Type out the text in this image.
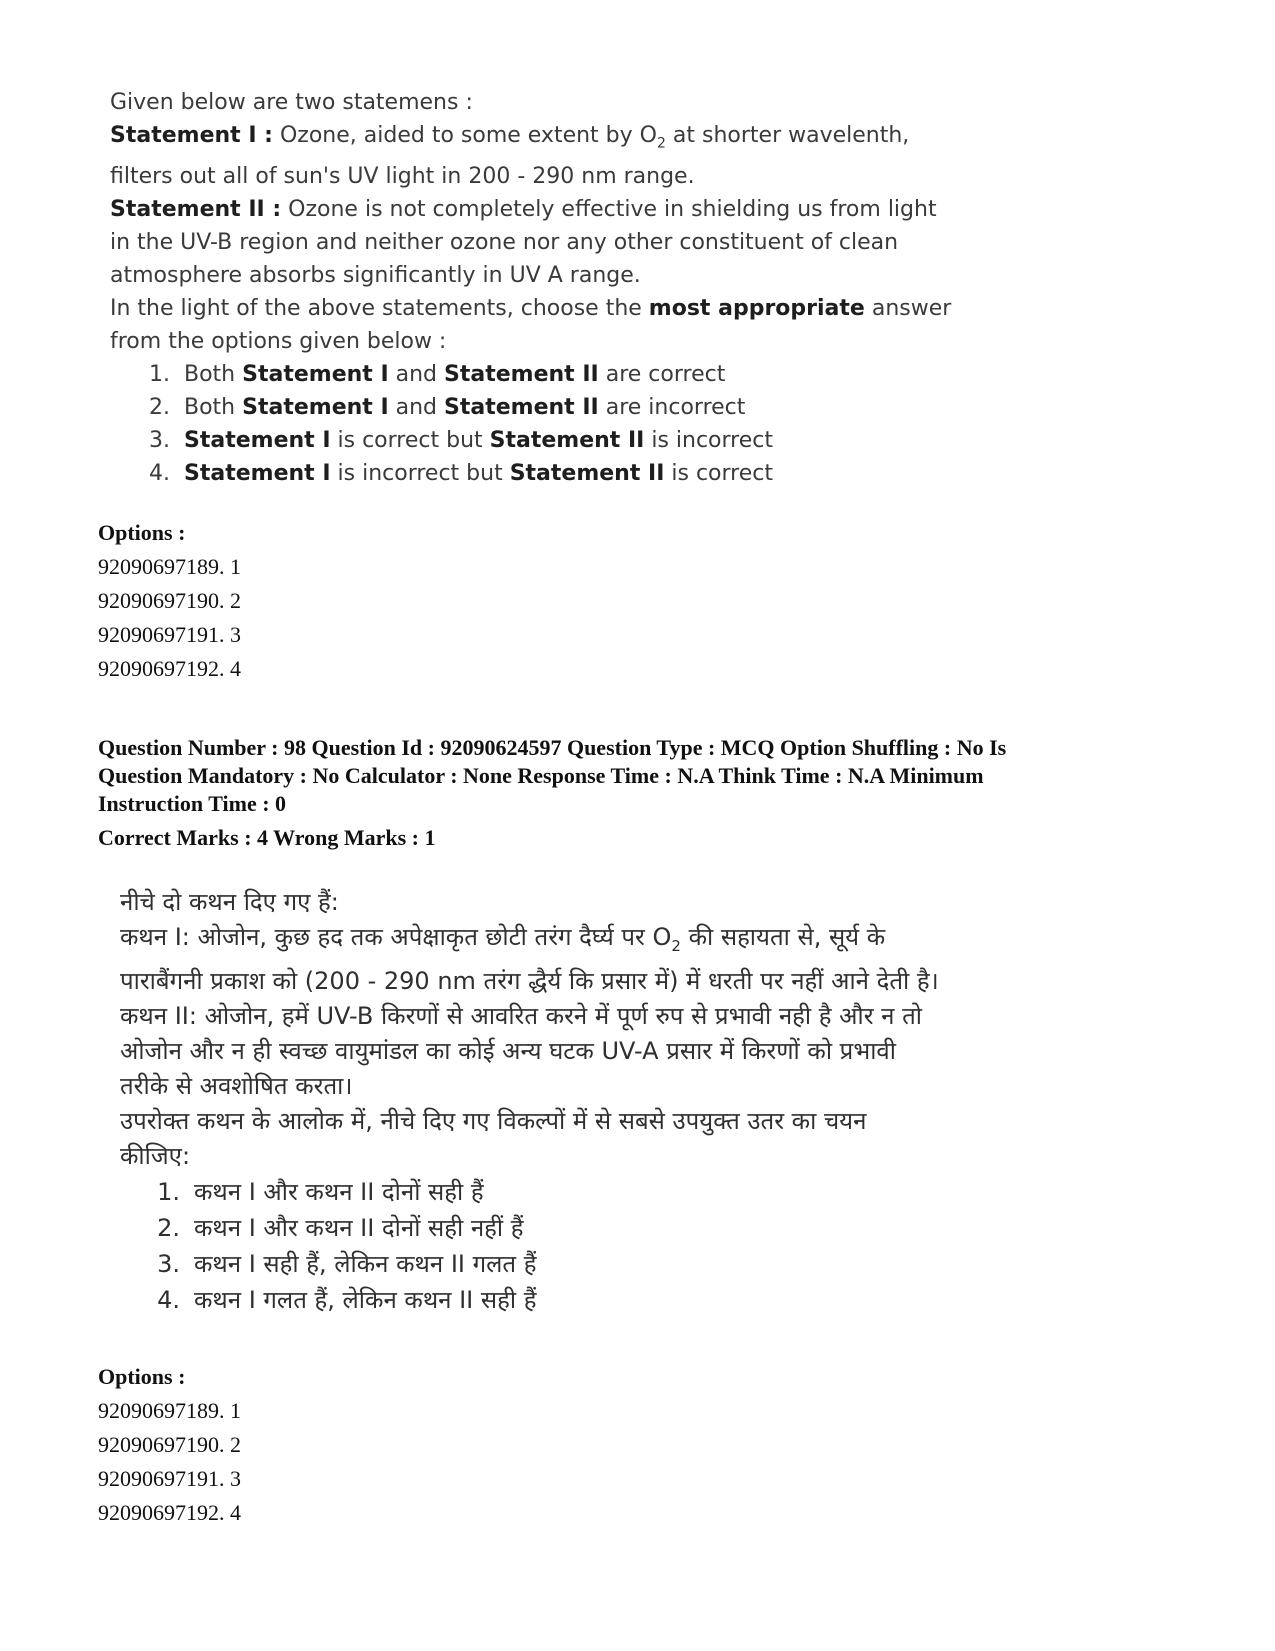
Given below are two statemens :
Statement I : Ozone, aided to some extent by $O_2$ at shorter wavelenth,
filters out all of sun's UV light in 200 - 290 nm range.
Statement II : Ozone is not completely effective in shielding us from light
in the UV-B region and neither ozone nor any other constituent of clean
atmosphere absorbs significantly in UV A range.
In the light of the above statements, choose the most appropriate answer
from the options given below :
1. Both Statement I and Statement II are correct
2. Both Statement I and Statement II are incorrect
3. Statement I is correct but Statement II is incorrect
4. Statement I is incorrect but Statement II is correct
Options :
92090697189. 1
92090697190. 2
92090697191. 3
92090697192. 4
Question Number : 98 Question Id : 92090624597 Question Type : MCQ Option Shuffling : No Is
Question Mandatory : No Calculator : None Response Time : N.A Think Time : N.A Minimum
Instruction Time : 0
Correct Marks : 4 Wrong Marks : 1
नीचे दो कथन दिए गए हैं:
कथन I: ओजोन, कुछ हद तक अपेक्षाकृत छोटी तरंग दैर्घ्य पर $O_2$ की सहायता से, सूर्य के
पाराबैंगनी प्रकाश को (200 - 290 nm तरंग द्धैर्य कि प्रसार में) में धरती पर नहीं आने देती है।
कथन II: ओजोन, हमें UV-B किरणों से आवरित करने में पूर्ण रुप से प्रभावी नही है और न तो
ओजोन और न ही स्वच्छ वायुमांडल का कोई अन्य घटक UV-A प्रसार में किरणों को प्रभावी
तरीके से अवशोषित करता।
उपरोक्त कथन के आलोक में, नीचे दिए गए विकल्पों में से सबसे उपयुक्त उतर का चयन
कीजिए:
1. कथन I और कथन II दोनों सही हैं
2. कथन I और कथन II दोनों सही नहीं हैं
3. कथन I सही हैं, लेकिन कथन II गलत हैं
4. कथन I गलत हैं, लेकिन कथन II सही हैं
Options :
92090697189. 1
92090697190. 2
92090697191. 3
92090697192. 4
